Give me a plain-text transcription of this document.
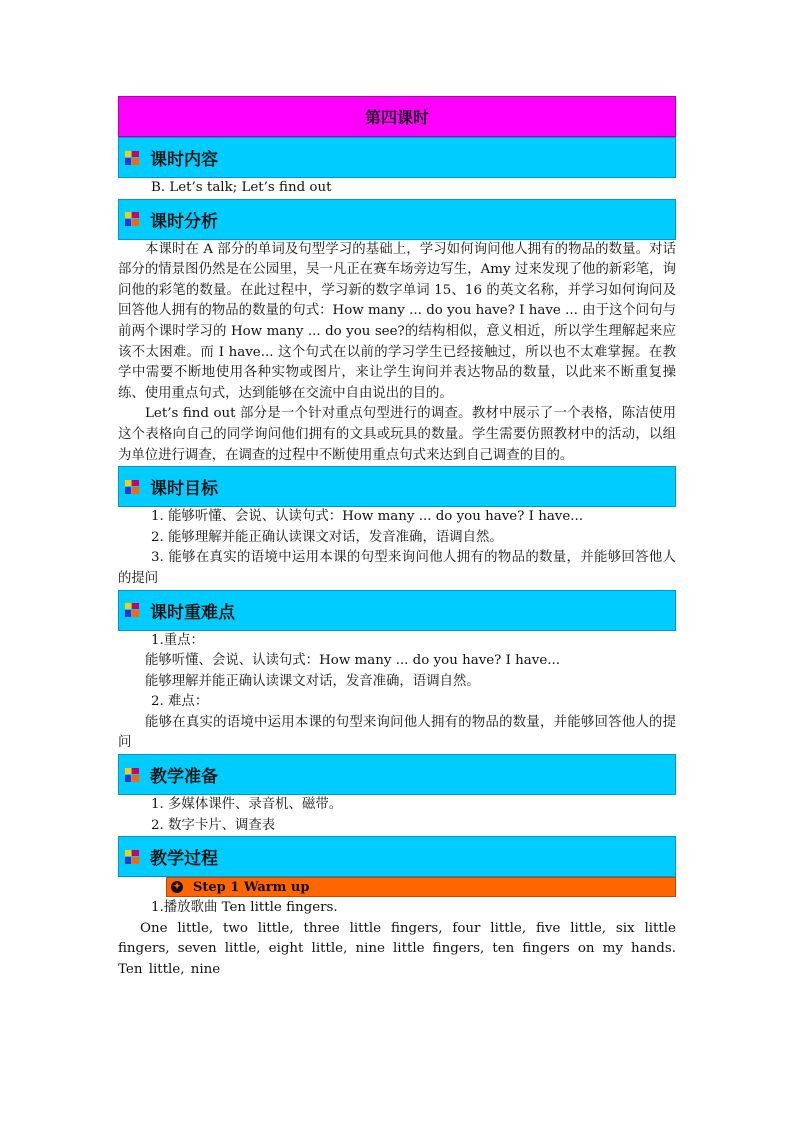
第四课时
课时内容
B. Let’s talk; Let’s find out
课时分析
本课时在 A 部分的单词及句型学习的基础上，学习如何询问他人拥有的物品的数量。对话部分的情景图仍然是在公园里，吴一凡正在赛车场旁边写生，Amy 过来发现了他的新彩笔，询问他的彩笔的数量。在此过程中，学习新的数字单词 15、16 的英文名称，并学习如何询问及回答他人拥有的物品的数量的句式：How many ... do you have? I have ... 由于这个问句与前两个课时学习的 How many ... do you see?的结构相似，意义相近，所以学生理解起来应该不太困难。而 I have... 这个句式在以前的学习学生已经接触过，所以也不太难掌握。在教学中需要不断地使用各种实物或图片，来让学生询问并表达物品的数量，以此来不断重复操练、使用重点句式，达到能够在交流中自由说出的目的。
Let’s find out 部分是一个针对重点句型进行的调查。教材中展示了一个表格，陈洁使用这个表格向自己的同学询问他们拥有的文具或玩具的数量。学生需要仿照教材中的活动，以组为单位进行调查，在调查的过程中不断使用重点句式来达到自己调查的目的。
课时目标
1. 能够听懂、会说、认读句式：How many ... do you have? I have...
2. 能够理解并能正确认读课文对话，发音准确，语调自然。
3. 能够在真实的语境中运用本课的句型来询问他人拥有的物品的数量，并能够回答他人的提问
课时重难点
1.重点：
能够听懂、会说、认读句式：How many ... do you have? I have...
能够理解并能正确认读课文对话，发音准确，语调自然。
2. 难点：
能够在真实的语境中运用本课的句型来询问他人拥有的物品的数量，并能够回答他人的提问
教学准备
1. 多媒体课件、录音机、磁带。
2. 数字卡片、调查表
教学过程
✦ Step 1 Warm up
1.播放歌曲 Ten little fingers.
One little, two little, three little fingers, four little, five little, six little fingers, seven little, eight little, nine little fingers, ten fingers on my hands. Ten little, nine
